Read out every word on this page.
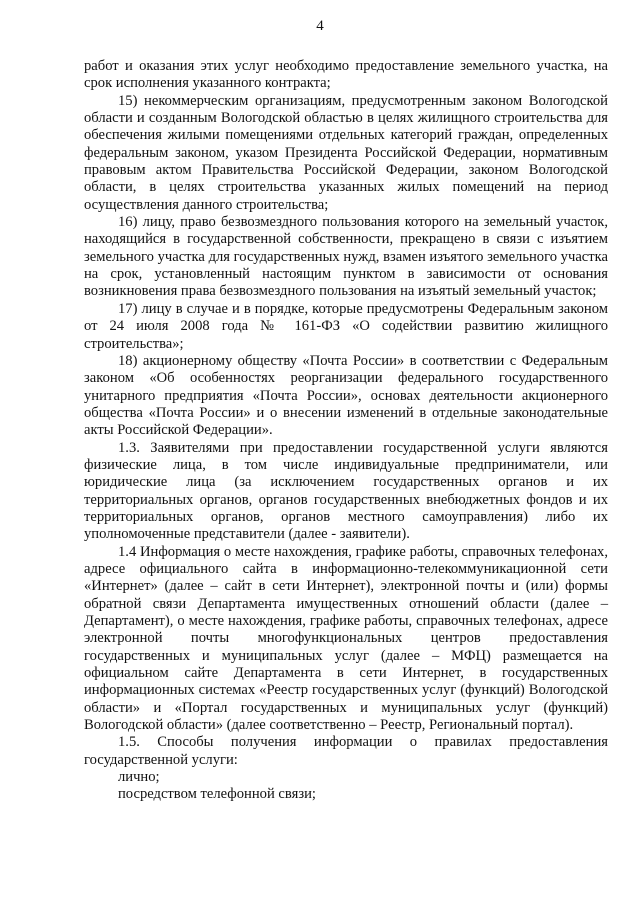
4

работ и оказания этих услуг необходимо предоставление земельного участка, на срок исполнения указанного контракта;

15) некоммерческим организациям, предусмотренным законом Вологодской области и созданным Вологодской областью в целях жилищного строительства для обеспечения жилыми помещениями отдельных категорий граждан, определенных федеральным законом, указом Президента Российской Федерации, нормативным правовым актом Правительства Российской Федерации, законом Вологодской области, в целях строительства указанных жилых помещений на период осуществления данного строительства;

16) лицу, право безвозмездного пользования которого на земельный участок, находящийся в государственной собственности, прекращено в связи с изъятием земельного участка для государственных нужд, взамен изъятого земельного участка на срок, установленный настоящим пунктом в зависимости от основания возникновения права безвозмездного пользования на изъятый земельный участок;

17) лицу в случае и в порядке, которые предусмотрены Федеральным законом от 24 июля 2008 года № 161-ФЗ «О содействии развитию жилищного строительства»;

18) акционерному обществу «Почта России» в соответствии с Федеральным законом «Об особенностях реорганизации федерального государственного унитарного предприятия «Почта России», основах деятельности акционерного общества «Почта России» и о внесении изменений в отдельные законодательные акты Российской Федерации».

1.3. Заявителями при предоставлении государственной услуги являются физические лица, в том числе индивидуальные предприниматели, или юридические лица (за исключением государственных органов и их территориальных органов, органов государственных внебюджетных фондов и их территориальных органов, органов местного самоуправления) либо их уполномоченные представители (далее - заявители).

1.4 Информация о месте нахождения, графике работы, справочных телефонах, адресе официального сайта в информационно-телекоммуникационной сети «Интернет» (далее – сайт в сети Интернет), электронной почты и (или) формы обратной связи Департамента имущественных отношений области (далее – Департамент), о месте нахождения, графике работы, справочных телефонах, адресе электронной почты многофункциональных центров предоставления государственных и муниципальных услуг (далее – МФЦ) размещается на официальном сайте Департамента в сети Интернет, в государственных информационных системах «Реестр государственных услуг (функций) Вологодской области» и «Портал государственных и муниципальных услуг (функций) Вологодской области» (далее соответственно – Реестр, Региональный портал).

1.5. Способы получения информации о правилах предоставления государственной услуги:

лично;

посредством телефонной связи;
